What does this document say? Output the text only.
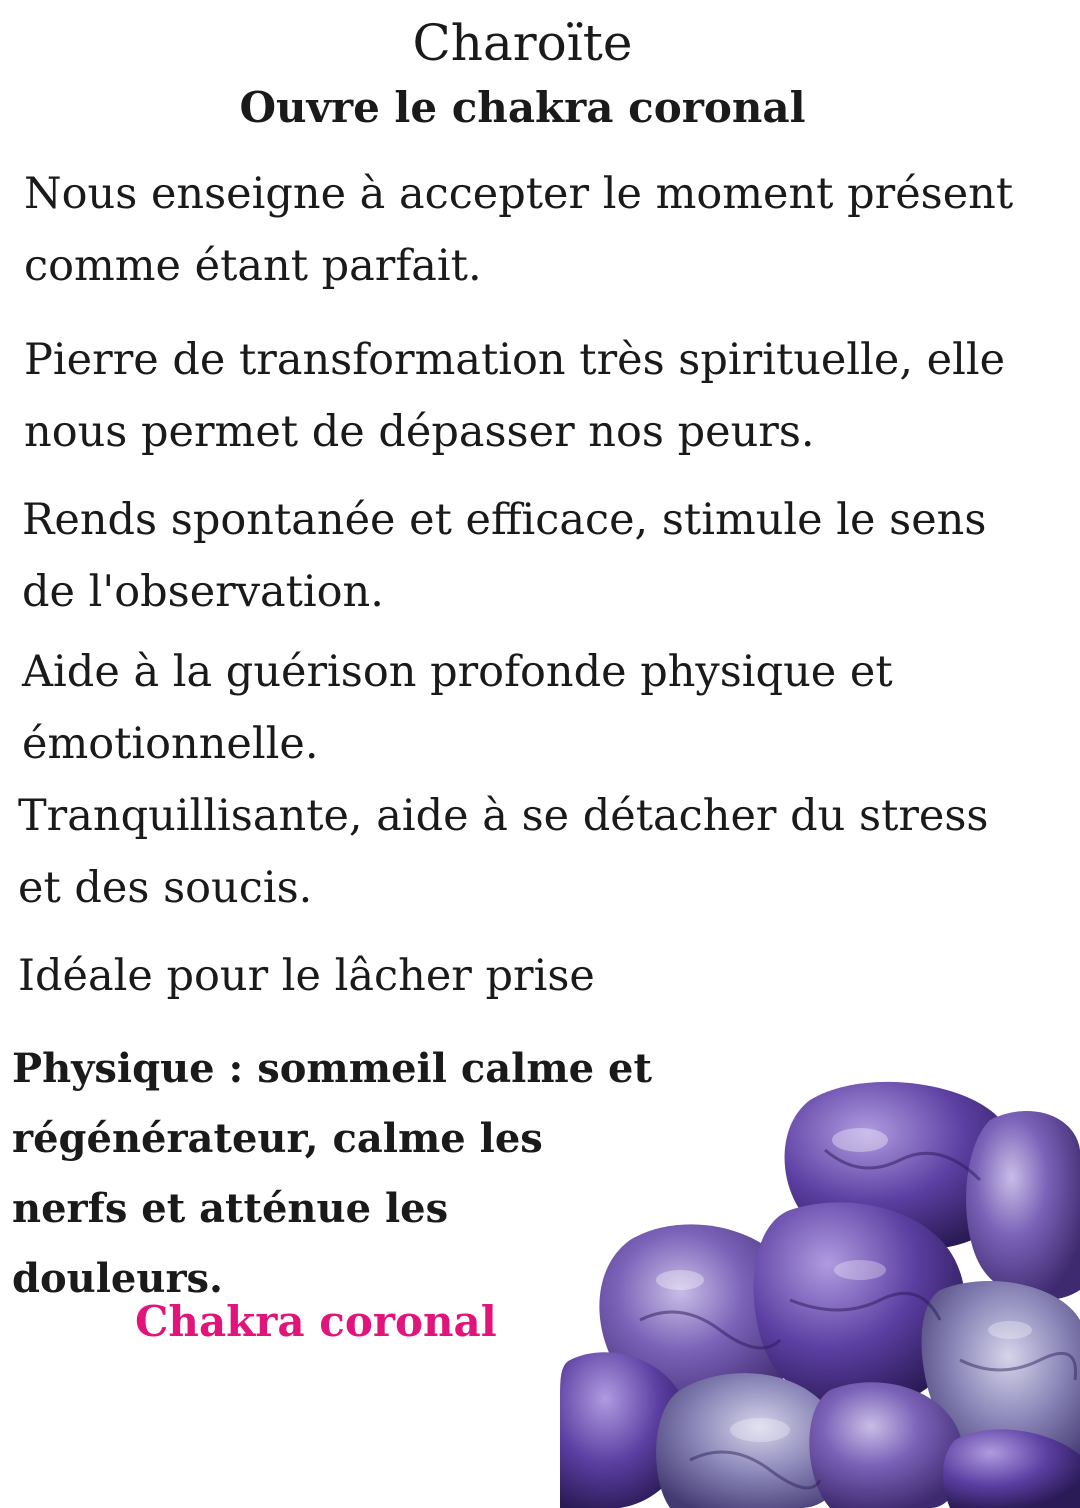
Charoïte
Ouvre le chakra coronal

Nous enseigne à accepter le moment présent comme étant parfait.

Pierre de transformation très spirituelle, elle nous permet de dépasser nos peurs.

Rends spontanée et efficace, stimule le sens de l'observation.

Aide à la guérison profonde physique et émotionnelle.

Tranquillisante, aide à se détacher du stress et des soucis.

Idéale pour le lâcher prise

Physique : sommeil calme et régénérateur, calme les nerfs et atténue les douleurs.

Chakra coronal
